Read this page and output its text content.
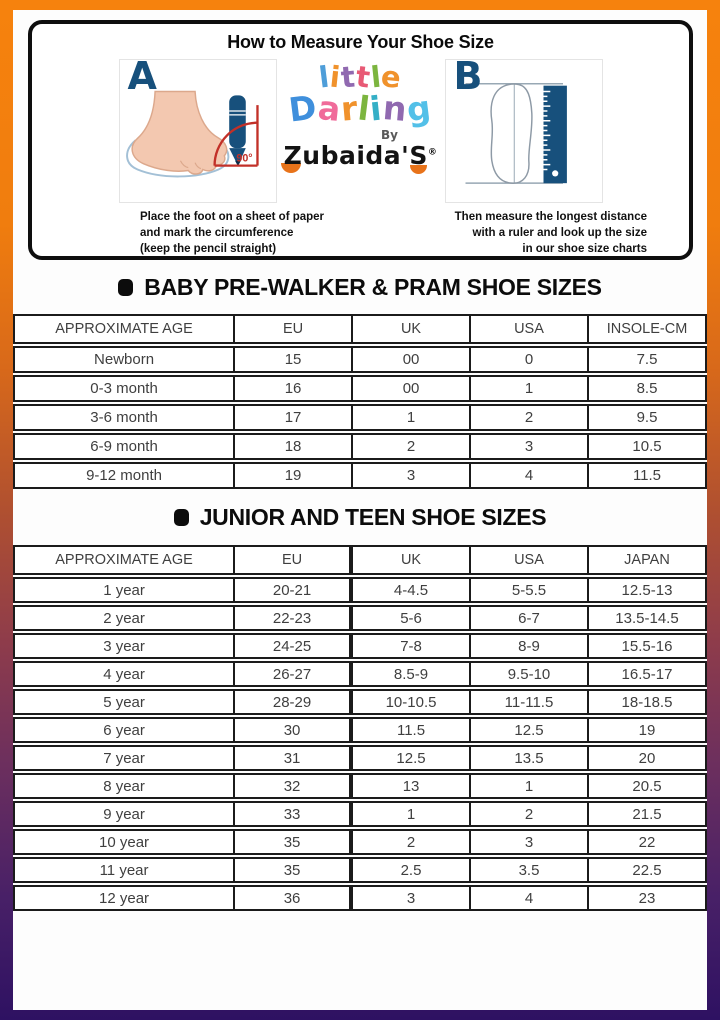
How to Measure Your Shoe Size
90°
A	little
Darling
By
Zubaida'S®
B
Place the foot on a sheet of paper
and mark the circumference
(keep the pencil straight)
Then measure the longest distance
with a ruler and look up the size
in our shoe size charts
BABY PRE-WALKER & PRAM SHOE SIZES
APPROXIMATE AGE	EU	UK	USA	INSOLE-CM
Newborn	15	00	0	7.5
0-3 month	16	00	1	8.5
3-6 month	17	1	2	9.5
6-9 month	18	2	3	10.5
9-12 month	19	3	4	11.5
JUNIOR AND TEEN SHOE SIZES
APPROXIMATE AGE	EU	UK	USA	JAPAN
1 year	20-21	4-4.5	5-5.5	12.5-13
2 year	22-23	5-6	6-7	13.5-14.5
3 year	24-25	7-8	8-9	15.5-16
4 year	26-27	8.5-9	9.5-10	16.5-17
5 year	28-29	10-10.5	11-11.5	18-18.5
6 year	30	11.5	12.5	19
7 year	31	12.5	13.5	20
8 year	32	13	1	20.5
9 year	33	1	2	21.5
10 year	35	2	3	22
11 year	35	2.5	3.5	22.5
12 year	36	3	4	23
